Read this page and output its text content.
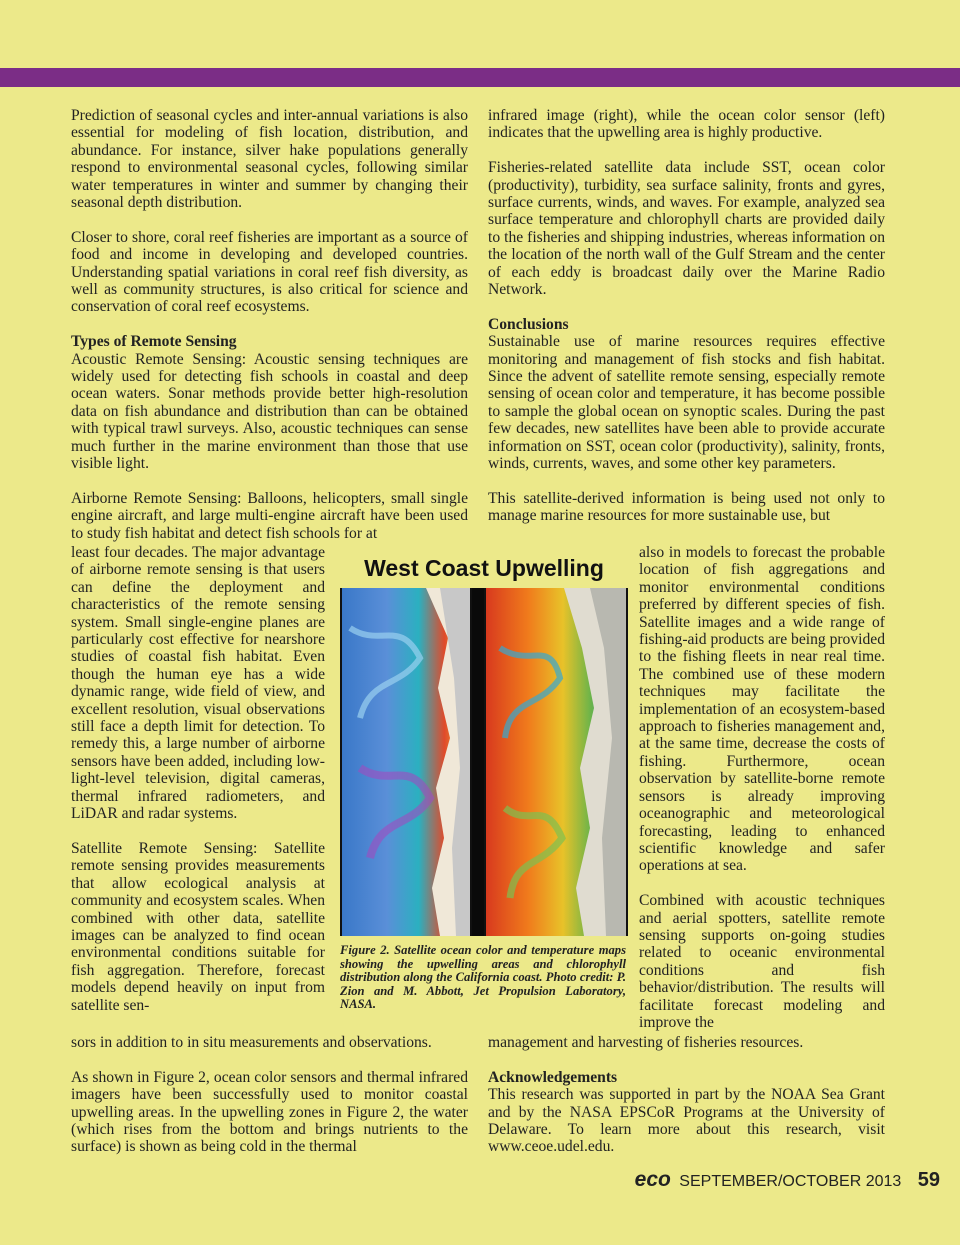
Prediction of seasonal cycles and inter-annual variations is also essential for modeling of fish location, distribution, and abundance. For instance, silver hake populations generally respond to environmental seasonal cycles, following similar water temperatures in winter and summer by changing their seasonal depth distribution.

Closer to shore, coral reef fisheries are important as a source of food and income in developing and developed countries. Understanding spatial variations in coral reef fish diversity, as well as community structures, is also critical for science and conservation of coral reef ecosystems.

Types of Remote Sensing

Acoustic Remote Sensing: Acoustic sensing techniques are widely used for detecting fish schools in coastal and deep ocean waters. Sonar methods provide better high-resolution data on fish abundance and distribution than can be obtained with typical trawl surveys. Also, acoustic techniques can sense much further in the marine environment than those that use visible light.

Airborne Remote Sensing: Balloons, helicopters, small single engine aircraft, and large multi-engine aircraft have been used to study fish habitat and detect fish schools for at

least four decades. The major advantage of airborne remote sensing is that users can define the deployment and characteristics of the remote sensing system. Small single-engine planes are particularly cost effective for nearshore studies of coastal fish habitat. Even though the human eye has a wide dynamic range, wide field of view, and excellent resolution, visual observations still face a depth limit for detection. To remedy this, a large number of airborne sensors have been added, including low-light-level television, digital cameras, thermal infrared radiometers, and LiDAR and radar systems.

Satellite Remote Sensing: Satellite remote sensing provides measurements that allow ecological analysis at community and ecosystem scales. When combined with other data, satellite images can be analyzed to find ocean environmental conditions suitable for fish aggregation. Therefore, forecast models depend heavily on input from satellite sen-

sors in addition to in situ measurements and observations.

As shown in Figure 2, ocean color sensors and thermal infrared imagers have been successfully used to monitor coastal upwelling areas. In the upwelling zones in Figure 2, the water (which rises from the bottom and brings nutrients to the surface) is shown as being cold in the thermal

infrared image (right), while the ocean color sensor (left) indicates that the upwelling area is highly productive.

Fisheries-related satellite data include SST, ocean color (productivity), turbidity, sea surface salinity, fronts and gyres, surface currents, winds, and waves. For example, analyzed sea surface temperature and chlorophyll charts are provided daily to the fisheries and shipping industries, whereas information on the location of the north wall of the Gulf Stream and the center of each eddy is broadcast daily over the Marine Radio Network.

Conclusions

Sustainable use of marine resources requires effective monitoring and management of fish stocks and fish habitat. Since the advent of satellite remote sensing, especially remote sensing of ocean color and temperature, it has become possible to sample the global ocean on synoptic scales. During the past few decades, new satellites have been able to provide accurate information on SST, ocean color (productivity), salinity, fronts, winds, currents, waves, and some other key parameters.

This satellite-derived information is being used not only to manage marine resources for more sustainable use, but

also in models to forecast the probable location of fish aggregations and monitor environmental conditions preferred by different species of fish. Satellite images and a wide range of fishing-aid products are being provided to the fishing fleets in near real time. The combined use of these modern techniques may facilitate the implementation of an ecosystem-based approach to fisheries management and, at the same time, decrease the costs of fishing. Furthermore, ocean observation by satellite-borne remote sensors is already improving oceanographic and meteorological forecasting, leading to enhanced scientific knowledge and safer operations at sea.

Combined with acoustic techniques and aerial spotters, satellite remote sensing supports on-going studies related to oceanic environmental conditions and fish behavior/distribution. The results will facilitate forecast modeling and improve the

management and harvesting of fisheries resources.

Acknowledgements

This research was supported in part by the NOAA Sea Grant and by the NASA EPSCoR Programs at the University of Delaware. To learn more about this research, visit www.ceoe.udel.edu.

West Coast Upwelling
Figure 2. Satellite ocean color and temperature maps showing the upwelling areas and chlorophyll distribution along the California coast. Photo credit: P. Zion and M. Abbott, Jet Propulsion Laboratory, NASA.
eco SEPTEMBER/OCTOBER 2013 59
